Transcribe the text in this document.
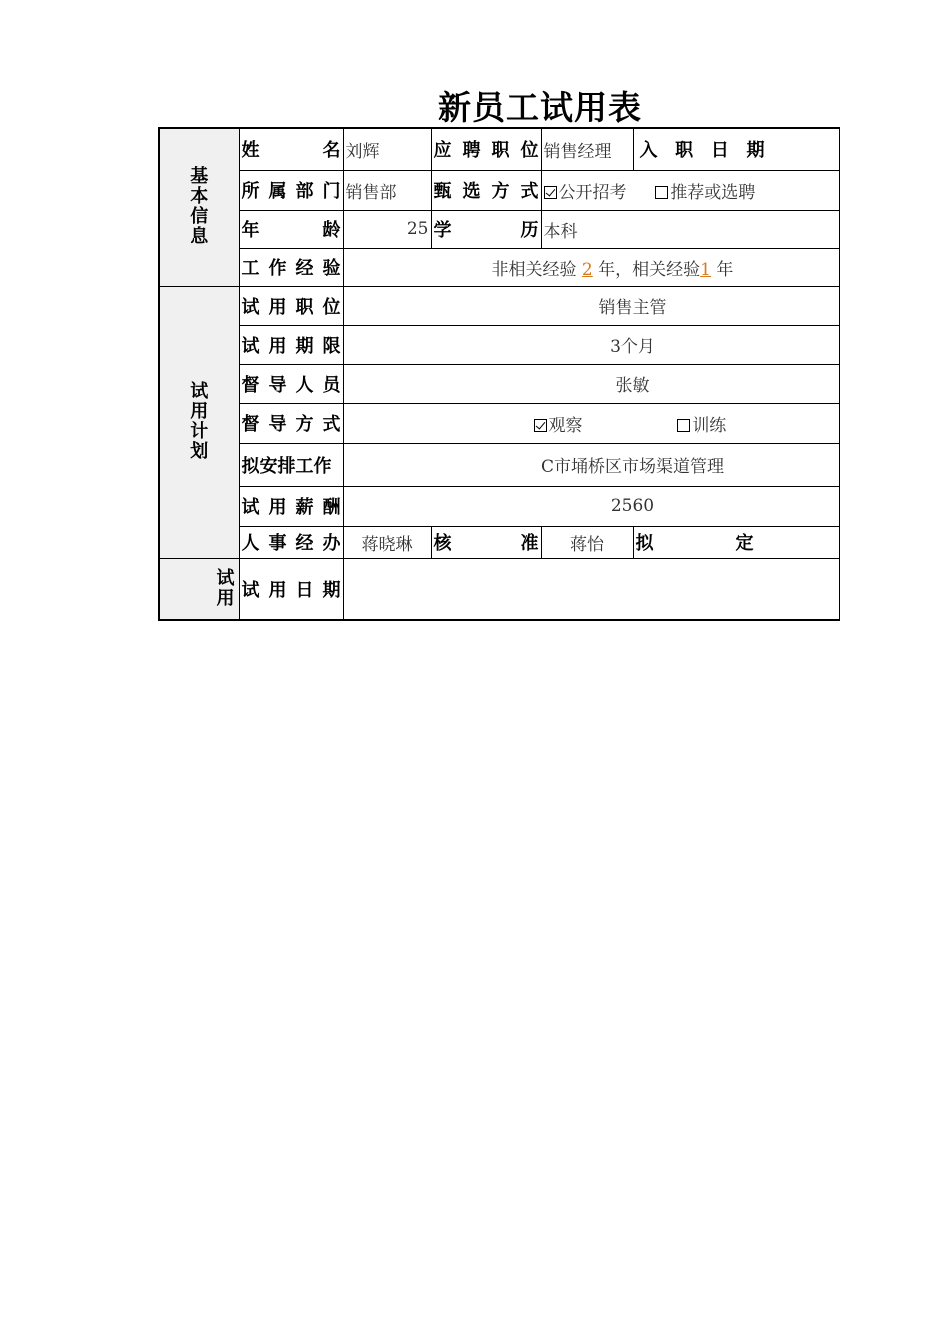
新员工试用表
基本信息	姓 名	刘辉	应 聘 职 位	销售经理	入 职 日 期

	所 属 部 门	销售部	甄 选 方 式	公开招考 推荐或选聘	

	年 龄	25	学 历	本科	

	工 作 经 验	非相关经验 2 年，相关经验1 年			
试用计划	试 用 职 位	销售主管			

	试 用 期 限	3个月			

	督 导 人 员	张敏			

	督 导 方 式	观察 训练			
	拟安排工作	C市埇桥区市场渠道管理			

	试 用 薪 酬	2560			

	人 事 经 办	蒋晓琳	核 准	蒋怡	拟 定

试用	试 用 日 期				
